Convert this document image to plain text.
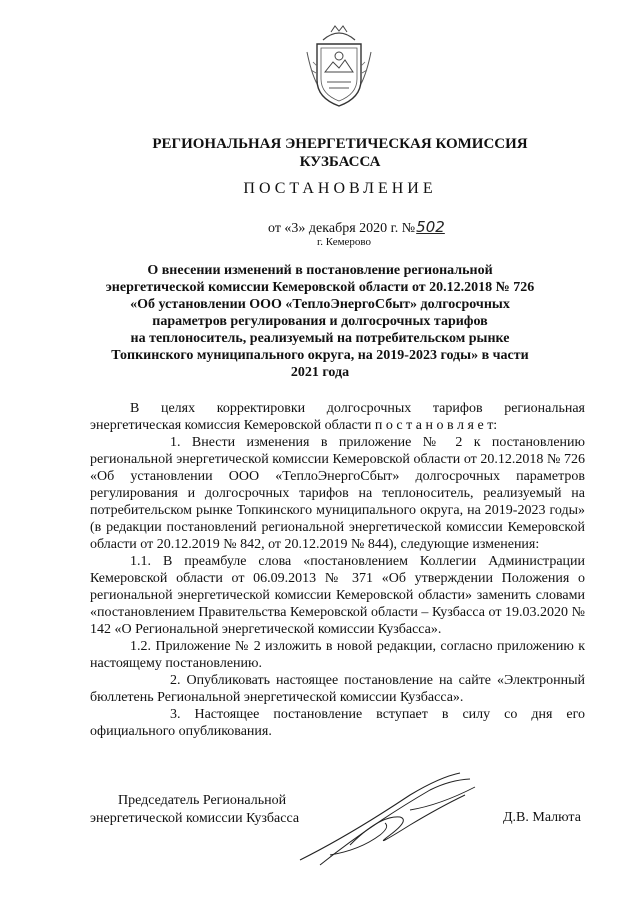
РЕГИОНАЛЬНАЯ ЭНЕРГЕТИЧЕСКАЯ КОМИССИЯ
КУЗБАССА
ПОСТАНОВЛЕНИЕ
от «3» декабря 2020 г. №502
г. Кемерово
О внесении изменений в постановление региональной
энергетической комиссии Кемеровской области от 20.12.2018 № 726
«Об установлении ООО «ТеплоЭнергоСбыт» долгосрочных
параметров регулирования и долгосрочных тарифов
на теплоноситель, реализуемый на потребительском рынке
Топкинского муниципального округа, на 2019-2023 годы» в части
2021 года

В целях корректировки долгосрочных тарифов региональная энергетическая комиссия Кемеровской области п о с т а н о в л я е т:

1. Внести изменения в приложение № 2 к постановлению региональной энергетической комиссии Кемеровской области от 20.12.2018 № 726 «Об установлении ООО «ТеплоЭнергоСбыт» долгосрочных параметров регулирования и долгосрочных тарифов на теплоноситель, реализуемый на потребительском рынке Топкинского муниципального округа, на 2019-2023 годы» (в редакции постановлений региональной энергетической комиссии Кемеровской области от 20.12.2019 № 842, от 20.12.2019 № 844), следующие изменения:

1.1. В преамбуле слова «постановлением Коллегии Администрации Кемеровской области от 06.09.2013 № 371 «Об утверждении Положения о региональной энергетической комиссии Кемеровской области» заменить словами «постановлением Правительства Кемеровской области – Кузбасса от 19.03.2020 № 142 «О Региональной энергетической комиссии Кузбасса».

1.2. Приложение № 2 изложить в новой редакции, согласно приложению к настоящему постановлению.

2. Опубликовать настоящее постановление на сайте «Электронный бюллетень Региональной энергетической комиссии Кузбасса».

3. Настоящее постановление вступает в силу со дня его официального опубликования.

Председатель Региональной
энергетической комиссии Кузбасса	Д.В. Малюта
